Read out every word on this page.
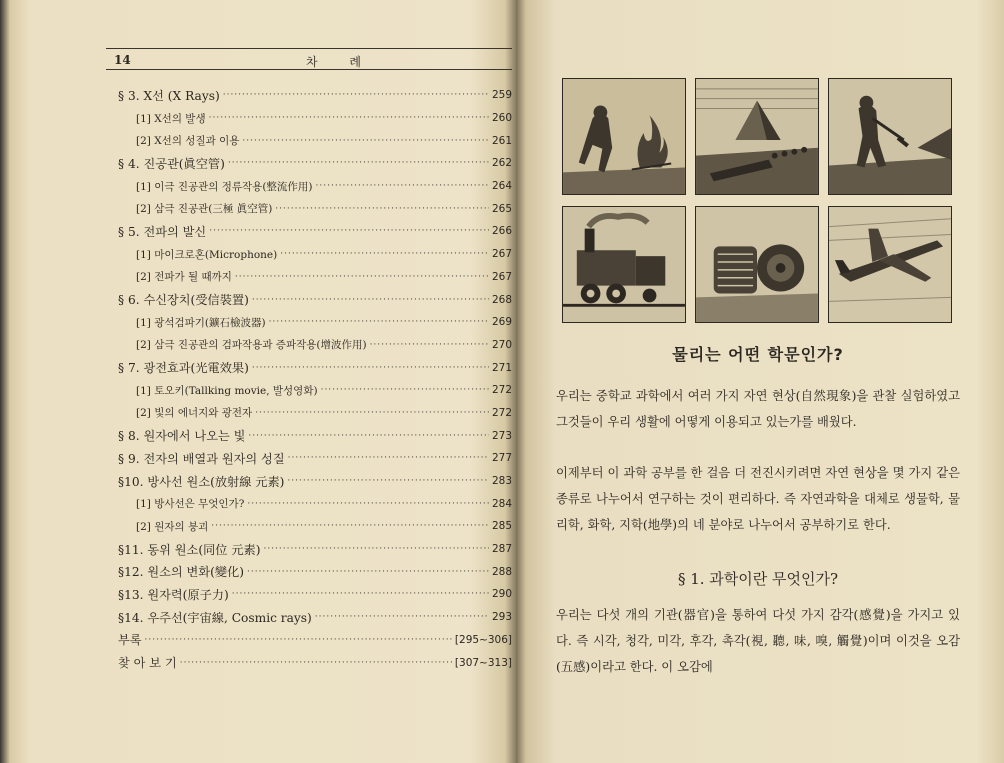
14	차 례
§ 3. X선 (X Rays) ·····	259
[1] X선의 발생 ·····	260
[2] X선의 성질과 이용 ·····	261
§ 4. 진공관(眞空管) ·····	262
[1] 이극 진공관의 정류작용(整流作用) ·····	264
[2] 삼극 진공관(三極 眞空管) ·····	265
§ 5. 전파의 발신 ·····	266
[1] 마이크로혼(Microphone) ·····	267
[2] 전파가 될 때까지 ·····	267
§ 6. 수신장치(受信裝置) ·····	268
[1] 광석검파기(鑛石檢波器) ·····	269
[2] 삼극 진공관의 검파작용과 증파작용(增波作用) ·····	270
§ 7. 광전효과(光電效果) ·····	271
[1] 토오키(Tallking movie, 발성영화) ·····	272
[2] 빛의 에너지와 광전자 ·····	272
§ 8. 원자에서 나오는 빛 ·····	273
§ 9. 전자의 배열과 원자의 성질 ·····	277
§10. 방사선 원소(放射線 元素) ·····	283
[1] 방사선은 무엇인가? ·····	284
[2] 원자의 붕괴 ·····	285
§11. 동위 원소(同位 元素) ·····	287
§12. 원소의 변화(變化) ·····	288
§13. 원자력(原子力) ·····	290
§14. 우주선(宇宙線, Cosmic rays) ·····	293
부록 ·····	[295~306]
찾 아 보 기 ·····	[307~313]
물리는 어떤 학문인가?

우리는 중학교 과학에서 여러 가지 자연 현상(自然現象)을 관찰 실험하였고 그것들이 우리 생활에 어떻게 이용되고 있는가를 배웠다.

이제부터 이 과학 공부를 한 걸음 더 전진시키려면 자연 현상을 몇 가지 같은 종류로 나누어서 연구하는 것이 편리하다. 즉 자연과학을 대체로 생물학, 물리학, 화학, 지학(地學)의 네 분야로 나누어서 공부하기로 한다.

§ 1. 과학이란 무엇인가?

우리는 다섯 개의 기관(器官)을 통하여 다섯 가지 감각(感覺)을 가지고 있다. 즉 시각, 청각, 미각, 후각, 촉각(視, 聽, 味, 嗅, 觸覺)이며 이것을 오감(五感)이라고 한다. 이 오감에
